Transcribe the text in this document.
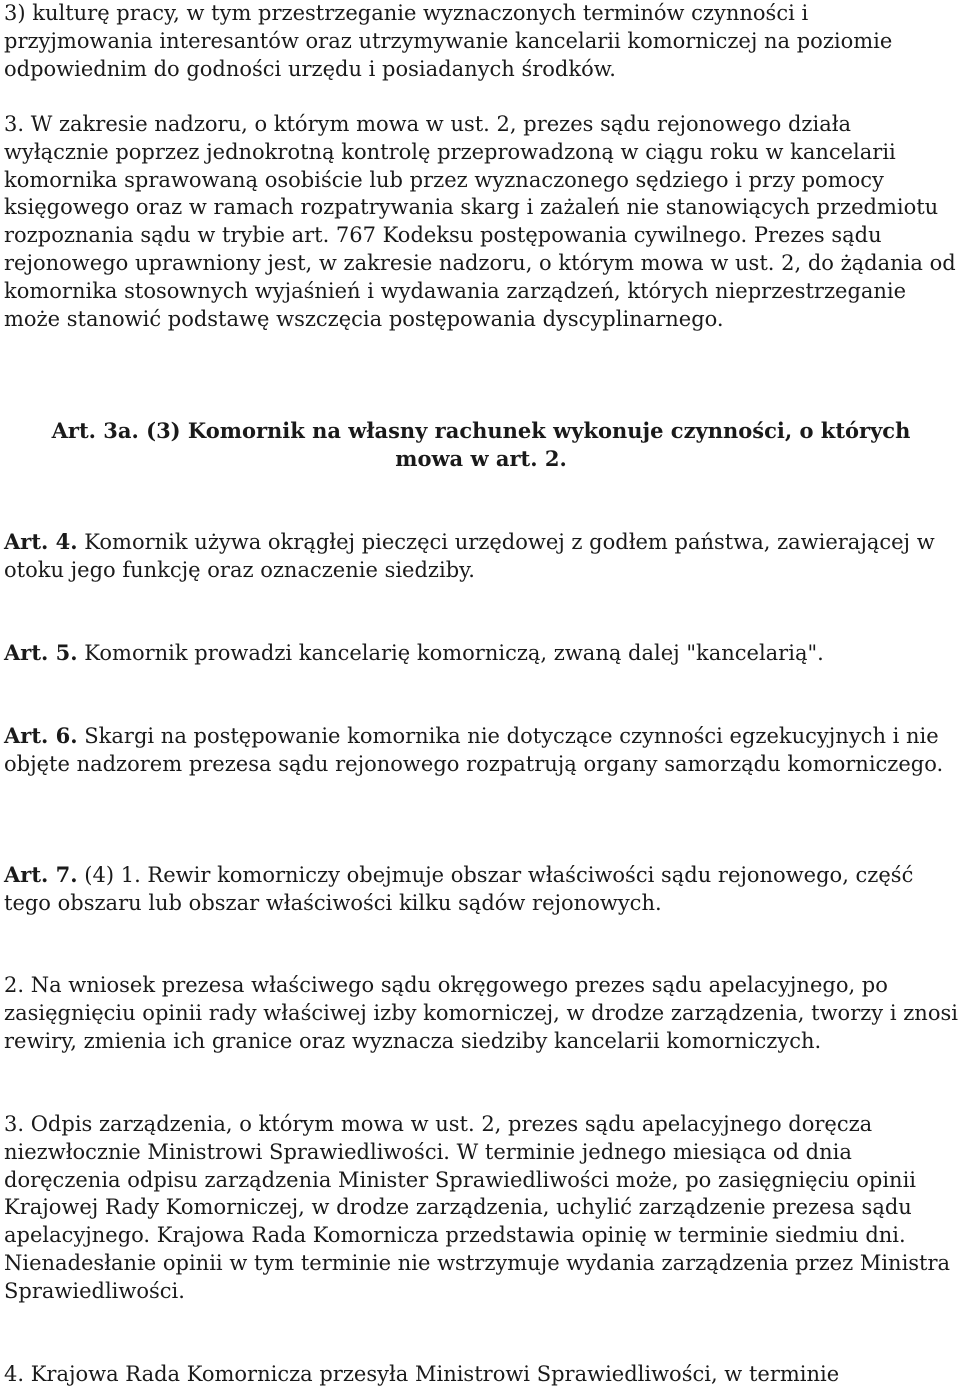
3) kulturę pracy, w tym przestrzeganie wyznaczonych terminów czynności i przyjmowania interesantów oraz utrzymywanie kancelarii komorniczej na poziomie odpowiednim do godności urzędu i posiadanych środków.

3. W zakresie nadzoru, o którym mowa w ust. 2, prezes sądu rejonowego działa wyłącznie poprzez jednokrotną kontrolę przeprowadzoną w ciągu roku w kancelarii komornika sprawowaną osobiście lub przez wyznaczonego sędziego i przy pomocy księgowego oraz w ramach rozpatrywania skarg i zażaleń nie stanowiących przedmiotu rozpoznania sądu w trybie art. 767 Kodeksu postępowania cywilnego. Prezes sądu rejonowego uprawniony jest, w zakresie nadzoru, o którym mowa w ust. 2, do żądania od komornika stosownych wyjaśnień i wydawania zarządzeń, których nieprzestrzeganie może stanowić podstawę wszczęcia postępowania dyscyplinarnego.

Art. 3a. (3) Komornik na własny rachunek wykonuje czynności, o których mowa w art. 2.

Art. 4. Komornik używa okrągłej pieczęci urzędowej z godłem państwa, zawierającej w otoku jego funkcję oraz oznaczenie siedziby.

Art. 5. Komornik prowadzi kancelarię komorniczą, zwaną dalej "kancelarią".

Art. 6. Skargi na postępowanie komornika nie dotyczące czynności egzekucyjnych i nie objęte nadzorem prezesa sądu rejonowego rozpatrują organy samorządu komorniczego.

Art. 7. (4) 1. Rewir komorniczy obejmuje obszar właściwości sądu rejonowego, część tego obszaru lub obszar właściwości kilku sądów rejonowych.

2. Na wniosek prezesa właściwego sądu okręgowego prezes sądu apelacyjnego, po zasięgnięciu opinii rady właściwej izby komorniczej, w drodze zarządzenia, tworzy i znosi rewiry, zmienia ich granice oraz wyznacza siedziby kancelarii komorniczych.

3. Odpis zarządzenia, o którym mowa w ust. 2, prezes sądu apelacyjnego doręcza niezwłocznie Ministrowi Sprawiedliwości. W terminie jednego miesiąca od dnia doręczenia odpisu zarządzenia Minister Sprawiedliwości może, po zasięgnięciu opinii Krajowej Rady Komorniczej, w drodze zarządzenia, uchylić zarządzenie prezesa sądu apelacyjnego. Krajowa Rada Komornicza przedstawia opinię w terminie siedmiu dni. Nienadesłanie opinii w tym terminie nie wstrzymuje wydania zarządzenia przez Ministra Sprawiedliwości.

4. Krajowa Rada Komornicza przesyła Ministrowi Sprawiedliwości, w terminie
